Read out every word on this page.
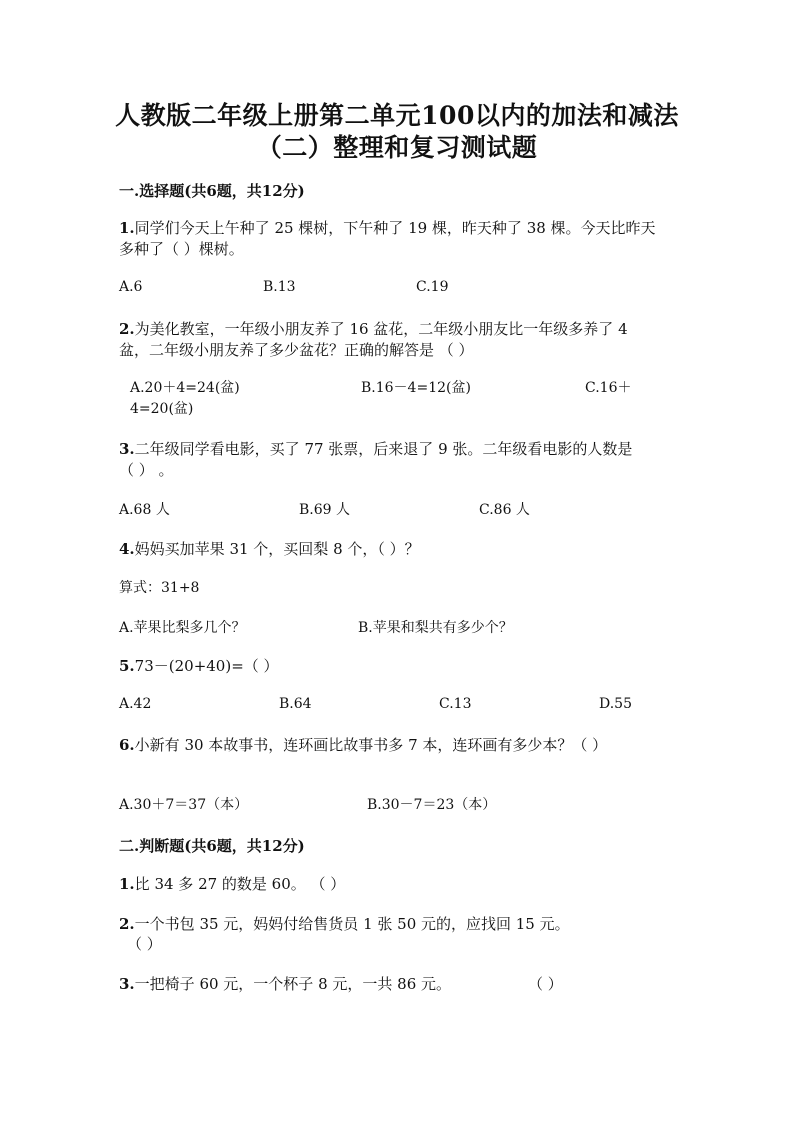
人教版二年级上册第二单元100以内的加法和减法
（二）整理和复习测试题
一.选择题(共6题，共12分)
1.同学们今天上午种了 25 棵树，下午种了 19 棵，昨天种了 38 棵。今天比昨天
多种了（ ）棵树。
A.6	B.13	C.19
2.为美化教室，一年级小朋友养了 16 盆花，二年级小朋友比一年级多养了 4
盆，二年级小朋友养了多少盆花？正确的解答是 （ ）
A.20＋4=24(盆)	B.16－4=12(盆)	C.16＋
4=20(盆)
3.二年级同学看电影，买了 77 张票，后来退了 9 张。二年级看电影的人数是
（ ） 。
A.68 人	B.69 人	C.86 人
4.妈妈买加苹果 31 个，买回梨 8 个，（ ）？
算式：31+8
A.苹果比梨多几个？	B.苹果和梨共有多少个？
5.73－(20+40)=（ ）
A.42	B.64	C.13	D.55
6.小新有 30 本故事书，连环画比故事书多 7 本，连环画有多少本？（ ）
A.30＋7＝37（本）	B.30－7＝23（本）
二.判断题(共6题，共12分)
1.比 34 多 27 的数是 60。 （ ）
2.一个书包 35 元，妈妈付给售货员 1 张 50 元的，应找回 15 元。
（ ）
3.一把椅子 60 元，一个杯子 8 元，一共 86 元。	（ ）
